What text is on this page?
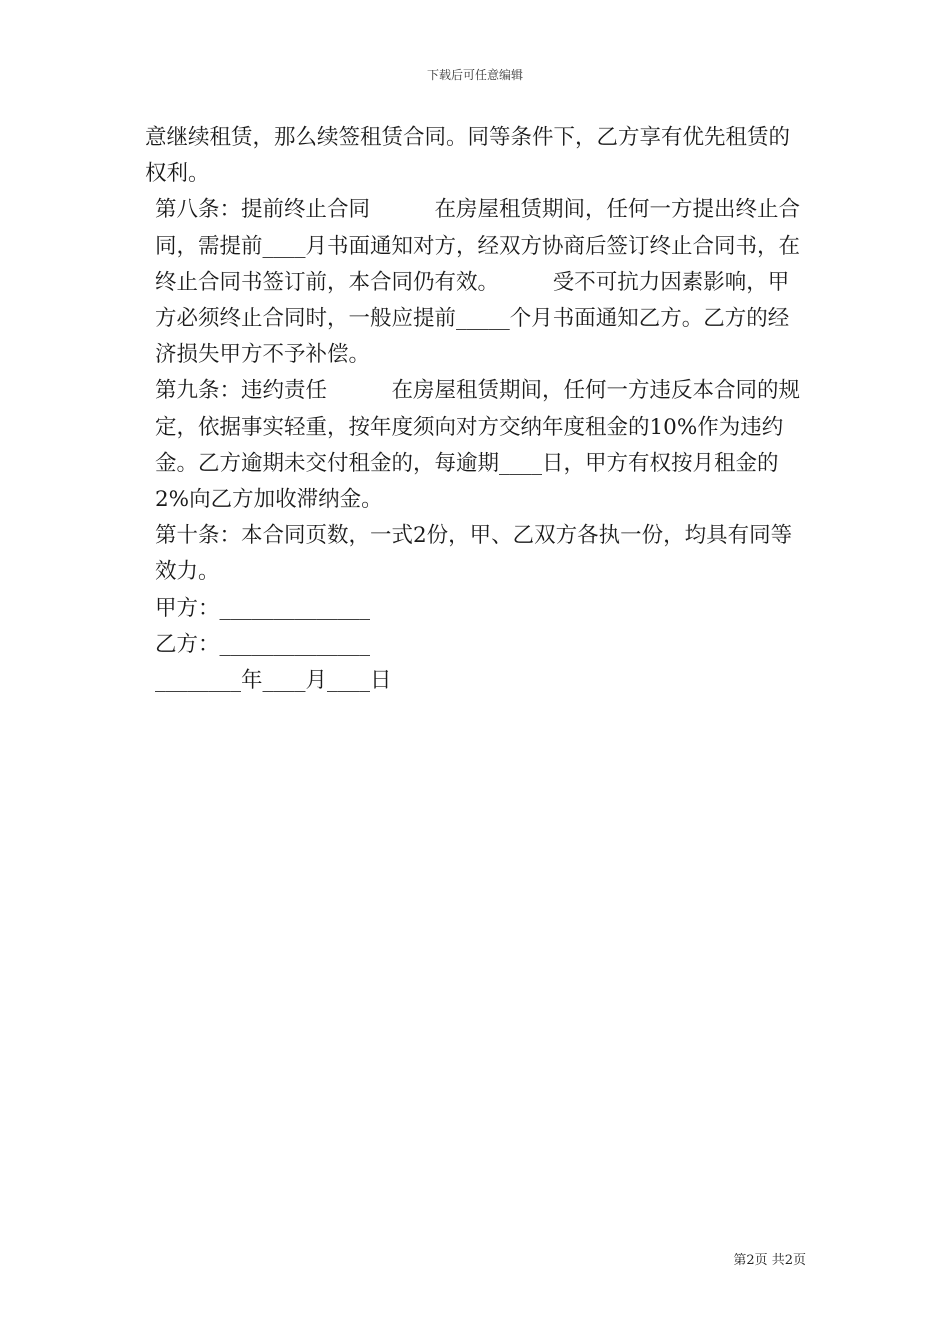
下载后可任意编辑

意继续租赁，那么续签租赁合同。同等条件下，乙方享有优先租赁的权利。

第八条：提前终止合同　　　在房屋租赁期间，任何一方提出终止合同，需提前____月书面通知对方，经双方协商后签订终止合同书，在终止合同书签订前，本合同仍有效。　　　受不可抗力因素影响，甲方必须终止合同时，一般应提前_____个月书面通知乙方。乙方的经济损失甲方不予补偿。

第九条：违约责任　　　在房屋租赁期间，任何一方违反本合同的规定，依据事实轻重，按年度须向对方交纳年度租金的10%作为违约金。乙方逾期未交付租金的，每逾期____日，甲方有权按月租金的2%向乙方加收滞纳金。

第十条：本合同页数，一式2份，甲、乙双方各执一份，均具有同等效力。

甲方：______________
乙方：______________
________年____月____日
第2页 共2页
